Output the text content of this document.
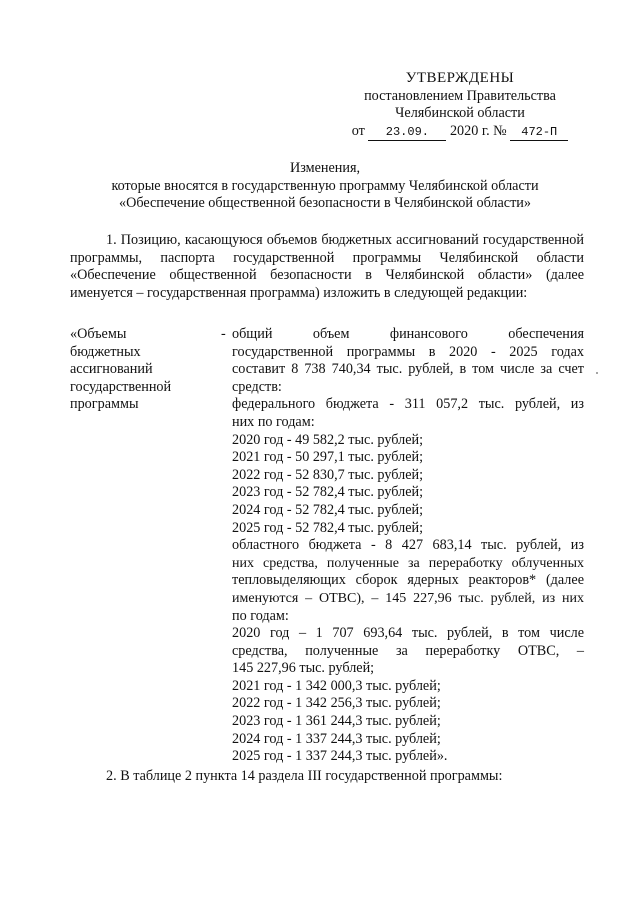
УТВЕРЖДЕНЫ
постановлением Правительства
Челябинской области
от 23.09. 2020 г. № 472-П
Изменения,
которые вносятся в государственную программу Челябинской области
«Обеспечение общественной безопасности в Челябинской области»

1. Позицию, касающуюся объемов бюджетных ассигнований государственной программы, паспорта государственной программы Челябинской области «Обеспечение общественной безопасности в Челябинской области» (далее именуется – государственная программа) изложить в следующей редакции:

«Объемы
бюджетных
ассигнований
государственной
программы
- общий объем финансового обеспечения
государственной программы в 2020 - 2025 годах
составит 8 738 740,34 тыс. рублей, в том числе за счет
средств:
федерального бюджета - 311 057,2 тыс. рублей, из
них по годам:
2020 год - 49 582,2 тыс. рублей;
2021 год - 50 297,1 тыс. рублей;
2022 год - 52 830,7 тыс. рублей;
2023 год - 52 782,4 тыс. рублей;
2024 год - 52 782,4 тыс. рублей;
2025 год - 52 782,4 тыс. рублей;
областного бюджета - 8 427 683,14 тыс. рублей, из
них средства, полученные за переработку облученных
тепловыделяющих сборок ядерных реакторов* (далее
именуются – ОТВС), – 145 227,96 тыс. рублей, из них
по годам:
2020 год – 1 707 693,64 тыс. рублей, в том числе
средства, полученные за переработку ОТВС, –
145 227,96 тыс. рублей;
2021 год - 1 342 000,3 тыс. рублей;
2022 год - 1 342 256,3 тыс. рублей;
2023 год - 1 361 244,3 тыс. рублей;
2024 год - 1 337 244,3 тыс. рублей;
2025 год - 1 337 244,3 тыс. рублей».
2. В таблице 2 пункта 14 раздела III государственной программы:
